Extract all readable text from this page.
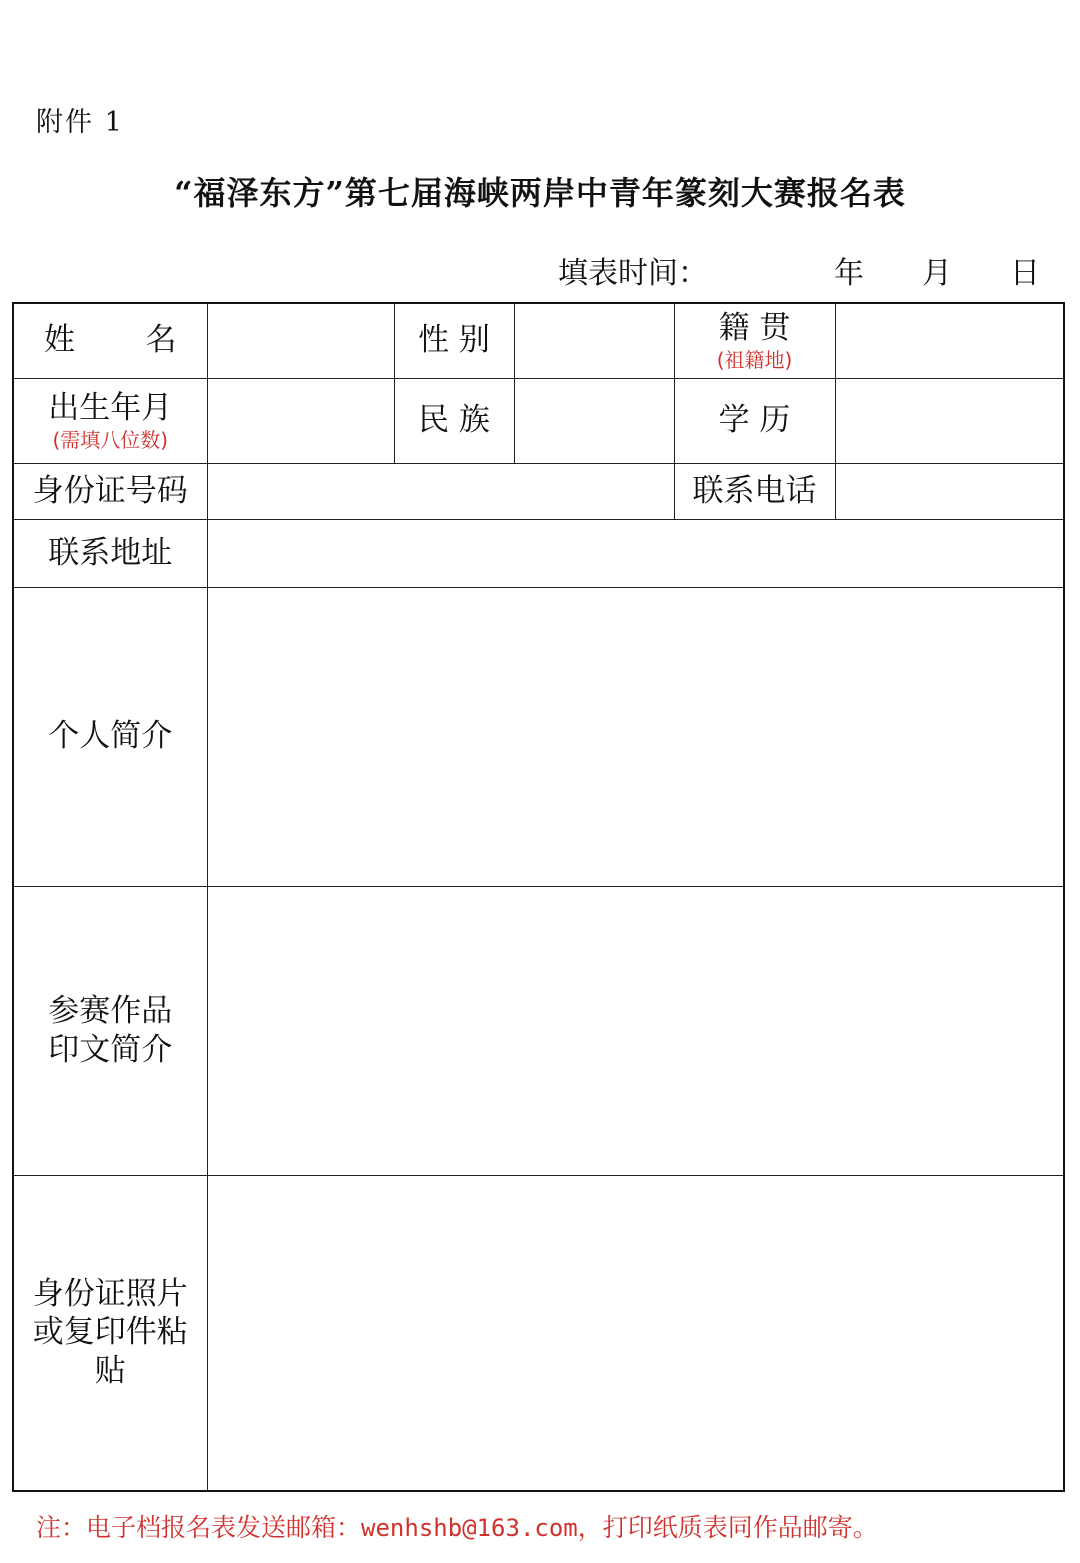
附件 1
“福泽东方”第七届海峡两岸中青年篆刻大赛报名表
填表时间：	年 月 日
姓 名		性 别		籍 贯
(祖籍地)	

出生年月
(需填八位数)		民 族		学 历	
身份证号码				联系电话	
联系地址					
个人简介					

参赛作品
印文简介					

身份证照片
或复印件粘
贴					

注：电子档报名表发送邮箱：wenhshb@163.com，打印纸质表同作品邮寄。
